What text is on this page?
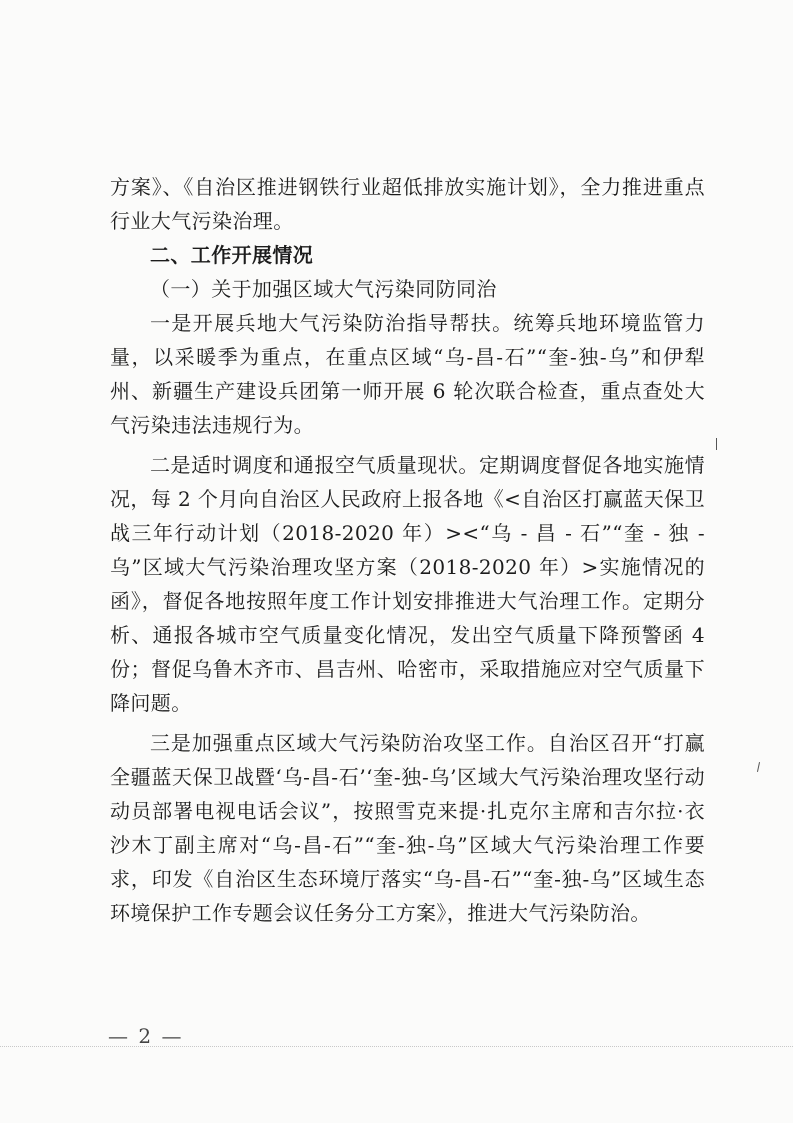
方案》、《自治区推进钢铁行业超低排放实施计划》，全力推进重点行业大气污染治理。

二、工作开展情况

（一）关于加强区域大气污染同防同治

一是开展兵地大气污染防治指导帮扶。统筹兵地环境监管力量，以采暖季为重点，在重点区域“乌-昌-石”“奎-独-乌”和伊犁州、新疆生产建设兵团第一师开展 6 轮次联合检查，重点查处大气污染违法违规行为。

二是适时调度和通报空气质量现状。定期调度督促各地实施情况，每 2 个月向自治区人民政府上报各地《<自治区打赢蓝天保卫战三年行动计划（2018-2020 年）><“乌 - 昌 - 石”“奎 - 独 - 乌”区域大气污染治理攻坚方案（2018-2020 年）>实施情况的函》，督促各地按照年度工作计划安排推进大气治理工作。定期分析、通报各城市空气质量变化情况，发出空气质量下降预警函 4 份；督促乌鲁木齐市、昌吉州、哈密市，采取措施应对空气质量下降问题。

三是加强重点区域大气污染防治攻坚工作。自治区召开“打赢全疆蓝天保卫战暨‘乌-昌-石’‘奎-独-乌’区域大气污染治理攻坚行动动员部署电视电话会议”，按照雪克来提·扎克尔主席和吉尔拉·衣沙木丁副主席对“乌-昌-石”“奎-独-乌”区域大气污染治理工作要求，印发《自治区生态环境厅落实“乌-昌-石”“奎-独-乌”区域生态环境保护工作专题会议任务分工方案》，推进大气污染防治。

— 2 —
